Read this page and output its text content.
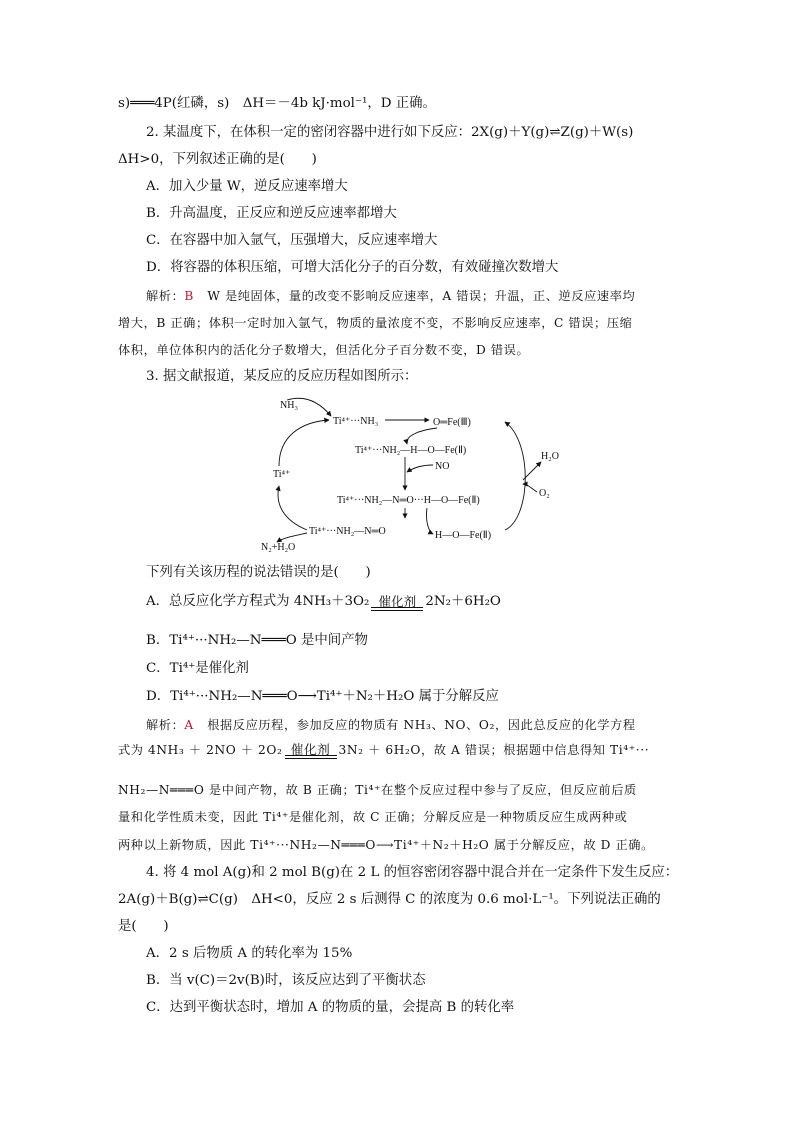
s)═══4P(红磷，s)　ΔH＝－4b kJ·mol⁻¹，D 正确。
2. 某温度下，在体积一定的密闭容器中进行如下反应：2X(g)＋Y(g)⇌Z(g)＋W(s)
ΔH>0，下列叙述正确的是(　　)
A．加入少量 W，逆反应速率增大
B．升高温度，正反应和逆反应速率都增大
C．在容器中加入氩气，压强增大，反应速率增大
D．将容器的体积压缩，可增大活化分子的百分数，有效碰撞次数增大
解析：B W 是纯固体，量的改变不影响反应速率，A 错误；升温，正、逆反应速率均
增大，B 正确；体积一定时加入氩气，物质的量浓度不变，不影响反应速率，C 错误；压缩
体积，单位体积内的活化分子数增大，但活化分子百分数不变，D 错误。
3. 据文献报道，某反应的反应历程如图所示：
NH₃
Ti⁴⁺···NH₃	O═Fe(Ⅲ)
Ti⁴⁺···NH₂—H—O—Fe(Ⅱ)
NO
Ti⁴⁺
Ti⁴⁺···NH₂—N═O···H—O—Fe(Ⅱ)
Ti⁴⁺···NH₂—N═O	H—O—Fe(Ⅱ)
H₂O
O₂
N₂+H₂O
下列有关该历程的说法错误的是(　　)
A．总反应化学方程式为 4NH₃＋3O₂ 催化剂 2N₂＋6H₂O
B．Ti⁴⁺···NH₂—N═══O 是中间产物
C．Ti⁴⁺是催化剂
D．Ti⁴⁺···NH₂—N═══O⟶Ti⁴⁺＋N₂＋H₂O 属于分解反应
解析：A 根据反应历程，参加反应的物质有 NH₃、NO、O₂，因此总反应的化学方程
式为 4NH₃ ＋ 2NO ＋ 2O₂ 催化剂 3N₂ ＋ 6H₂O，故 A 错误；根据题中信息得知 Ti⁴⁺···
NH₂—N═══O 是中间产物，故 B 正确；Ti⁴⁺在整个反应过程中参与了反应，但反应前后质
量和化学性质未变，因此 Ti⁴⁺是催化剂，故 C 正确；分解反应是一种物质反应生成两种或
两种以上新物质，因此 Ti⁴⁺···NH₂—N═══O⟶Ti⁴⁺＋N₂＋H₂O 属于分解反应，故 D 正确。
4. 将 4 mol A(g)和 2 mol B(g)在 2 L 的恒容密闭容器中混合并在一定条件下发生反应：
2A(g)＋B(g)⇌C(g)　ΔH<0，反应 2 s 后测得 C 的浓度为 0.6 mol·L⁻¹。下列说法正确的
是(　　)
A．2 s 后物质 A 的转化率为 15%
B．当 v(C)＝2v(B)时，该反应达到了平衡状态
C．达到平衡状态时，增加 A 的物质的量，会提高 B 的转化率
